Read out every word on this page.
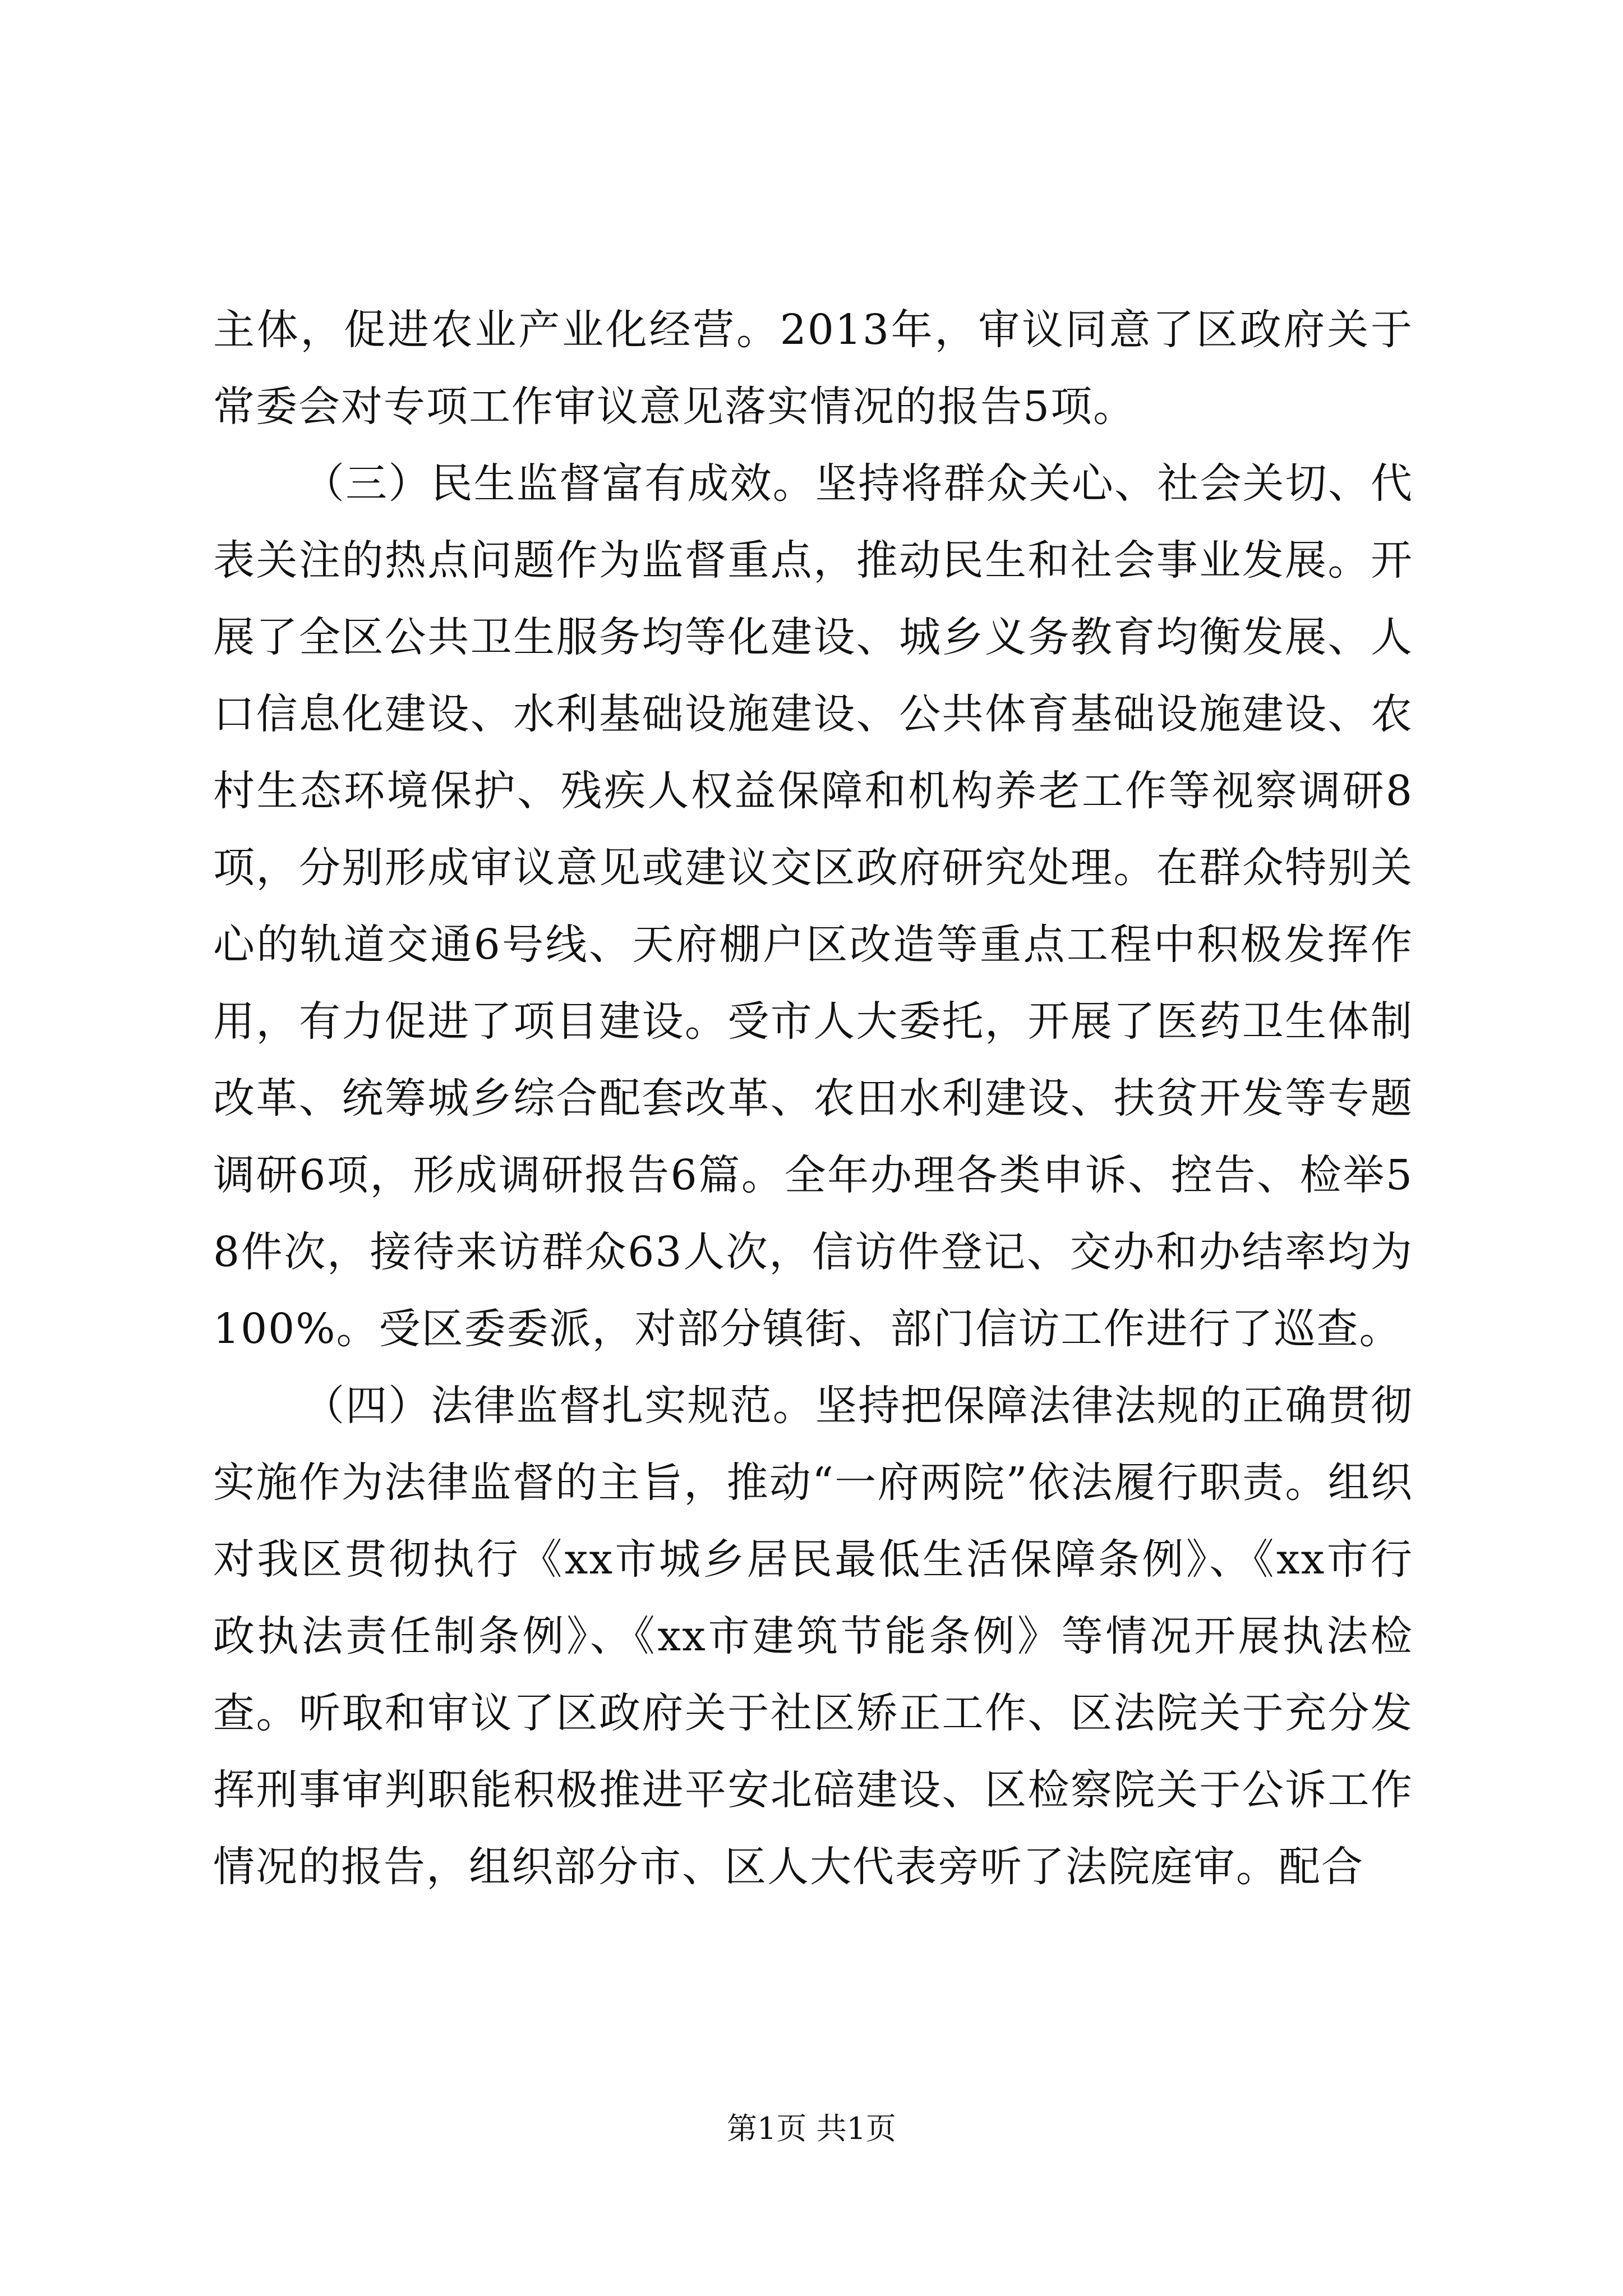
主体，促进农业产业化经营。2013年，审议同意了区政府关于常委会对专项工作审议意见落实情况的报告5项。

（三）民生监督富有成效。坚持将群众关心、社会关切、代表关注的热点问题作为监督重点，推动民生和社会事业发展。开展了全区公共卫生服务均等化建设、城乡义务教育均衡发展、人口信息化建设、水利基础设施建设、公共体育基础设施建设、农村生态环境保护、残疾人权益保障和机构养老工作等视察调研8项，分别形成审议意见或建议交区政府研究处理。在群众特别关心的轨道交通6号线、天府棚户区改造等重点工程中积极发挥作用，有力促进了项目建设。受市人大委托，开展了医药卫生体制改革、统筹城乡综合配套改革、农田水利建设、扶贫开发等专题调研6项，形成调研报告6篇。全年办理各类申诉、控告、检举58件次，接待来访群众63人次，信访件登记、交办和办结率均为100%。受区委委派，对部分镇街、部门信访工作进行了巡查。

（四）法律监督扎实规范。坚持把保障法律法规的正确贯彻实施作为法律监督的主旨，推动“一府两院”依法履行职责。组织对我区贯彻执行《xx市城乡居民最低生活保障条例》、《xx市行政执法责任制条例》、《xx市建筑节能条例》等情况开展执法检查。听取和审议了区政府关于社区矫正工作、区法院关于充分发挥刑事审判职能积极推进平安北碚建设、区检察院关于公诉工作情况的报告，组织部分市、区人大代表旁听了法院庭审。配合

第1页 共1页
